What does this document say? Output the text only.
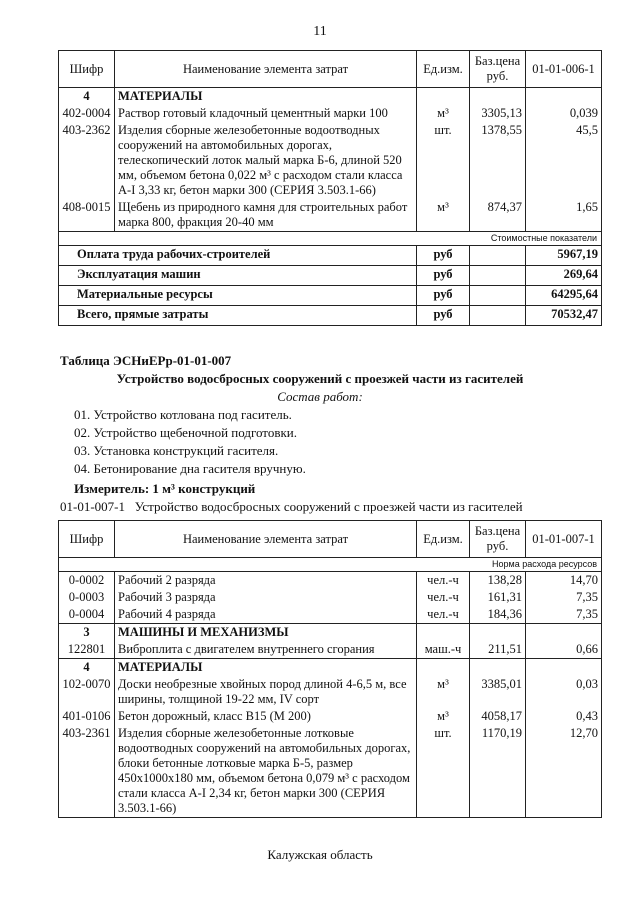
11
Шифр	Наименование элемента затрат	Ед.изм.	Баз.цена руб.	01-01-006-1
4	МАТЕРИАЛЫ			
402-0004	Раствор готовый кладочный цементный марки 100	м³	3305,13	0,039
403-2362	Изделия сборные железобетонные водоотводных сооружений на автомобильных дорогах, телескопический лоток малый марка Б-6, длиной 520 мм, объемом бетона 0,022 м³ с расходом стали класса А-I 3,33 кг, бетон марки 300 (СЕРИЯ 3.503.1-66)	шт.	1378,55	45,5
408-0015	Щебень из природного камня для строительных работ марка 800, фракция 20-40 мм	м³	874,37	1,65
Стоимостные показатели				
Оплата труда рабочих-строителей		руб		5967,19
Эксплуатация машин		руб		269,64
Материальные ресурсы		руб		64295,64
Всего, прямые затраты		руб		70532,47
Таблица ЭСНиЕРр-01-01-007
Устройство водосбросных сооружений с проезжей части из гасителей
Состав работ:
01. Устройство котлована под гаситель.
02. Устройство щебеночной подготовки.
03. Установка конструкций гасителя.
04. Бетонирование дна гасителя вручную.
Измеритель: 1 м³ конструкций
01-01-007-1   Устройство водосбросных сооружений с проезжей части из гасителей
Шифр	Наименование элемента затрат	Ед.изм.	Баз.цена руб.	01-01-007-1
Норма расхода ресурсов				
0-0002	Рабочий 2 разряда	чел.-ч	138,28	14,70
0-0003	Рабочий 3 разряда	чел.-ч	161,31	7,35
0-0004	Рабочий 4 разряда	чел.-ч	184,36	7,35
3	МАШИНЫ И МЕХАНИЗМЫ			
122801	Виброплита с двигателем внутреннего сгорания	маш.-ч	211,51	0,66
4	МАТЕРИАЛЫ			
102-0070	Доски необрезные хвойных пород длиной 4-6,5 м, все ширины, толщиной 19-22 мм, IV сорт	м³	3385,01	0,03
401-0106	Бетон дорожный, класс В15 (М 200)	м³	4058,17	0,43
403-2361	Изделия сборные железобетонные лотковые водоотводных сооружений на автомобильных дорогах, блоки бетонные лотковые марка Б-5, размер 450x1000x180 мм, объемом бетона 0,079 м³ с расходом стали класса А-I 2,34 кг, бетон марки 300 (СЕРИЯ 3.503.1-66)	шт.	1170,19	12,70
Калужская область
